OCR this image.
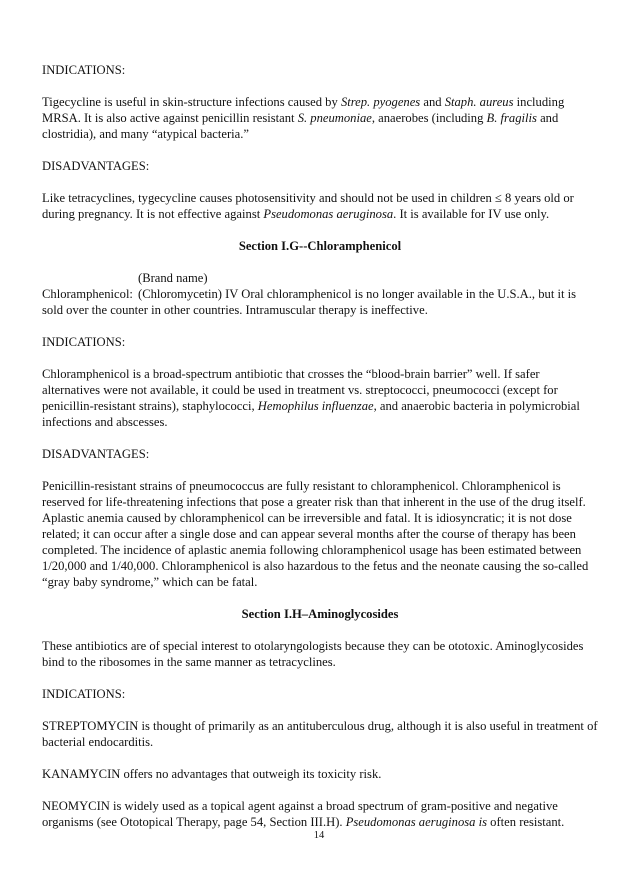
INDICATIONS:

Tigecycline is useful in skin-structure infections caused by Strep. pyogenes and Staph. aureus including MRSA. It is also active against penicillin resistant S. pneumoniae, anaerobes (including B. fragilis and clostridia), and many “atypical bacteria.”

DISADVANTAGES:

Like tetracyclines, tygecycline causes photosensitivity and should not be used in children ≤ 8 years old or during pregnancy. It is not effective against Pseudomonas aeruginosa. It is available for IV use only.

Section I.G--Chloramphenicol

(Brand name)

Chloramphenicol: (Chloromycetin) IV Oral chloramphenicol is no longer available in the U.S.A., but it is sold over the counter in other countries. Intramuscular therapy is ineffective.

INDICATIONS:

Chloramphenicol is a broad-spectrum antibiotic that crosses the “blood-brain barrier” well. If safer alternatives were not available, it could be used in treatment vs. streptococci, pneumococci (except for penicillin-resistant strains), staphylococci, Hemophilus influenzae, and anaerobic bacteria in polymicrobial infections and abscesses.

DISADVANTAGES:

Penicillin-resistant strains of pneumococcus are fully resistant to chloramphenicol. Chloramphenicol is reserved for life-threatening infections that pose a greater risk than that inherent in the use of the drug itself. Aplastic anemia caused by chloramphenicol can be irreversible and fatal. It is idiosyncratic; it is not dose related; it can occur after a single dose and can appear several months after the course of therapy has been completed. The incidence of aplastic anemia following chloramphenicol usage has been estimated between 1/20,000 and 1/40,000. Chloramphenicol is also hazardous to the fetus and the neonate causing the so-called “gray baby syndrome,” which can be fatal.

Section I.H–Aminoglycosides

These antibiotics are of special interest to otolaryngologists because they can be ototoxic. Aminoglycosides bind to the ribosomes in the same manner as tetracyclines.

INDICATIONS:

STREPTOMYCIN is thought of primarily as an antituberculous drug, although it is also useful in treatment of bacterial endocarditis.

KANAMYCIN offers no advantages that outweigh its toxicity risk.

NEOMYCIN is widely used as a topical agent against a broad spectrum of gram-positive and negative organisms (see Ototopical Therapy, page 54, Section III.H). Pseudomonas aeruginosa is often resistant.

14
